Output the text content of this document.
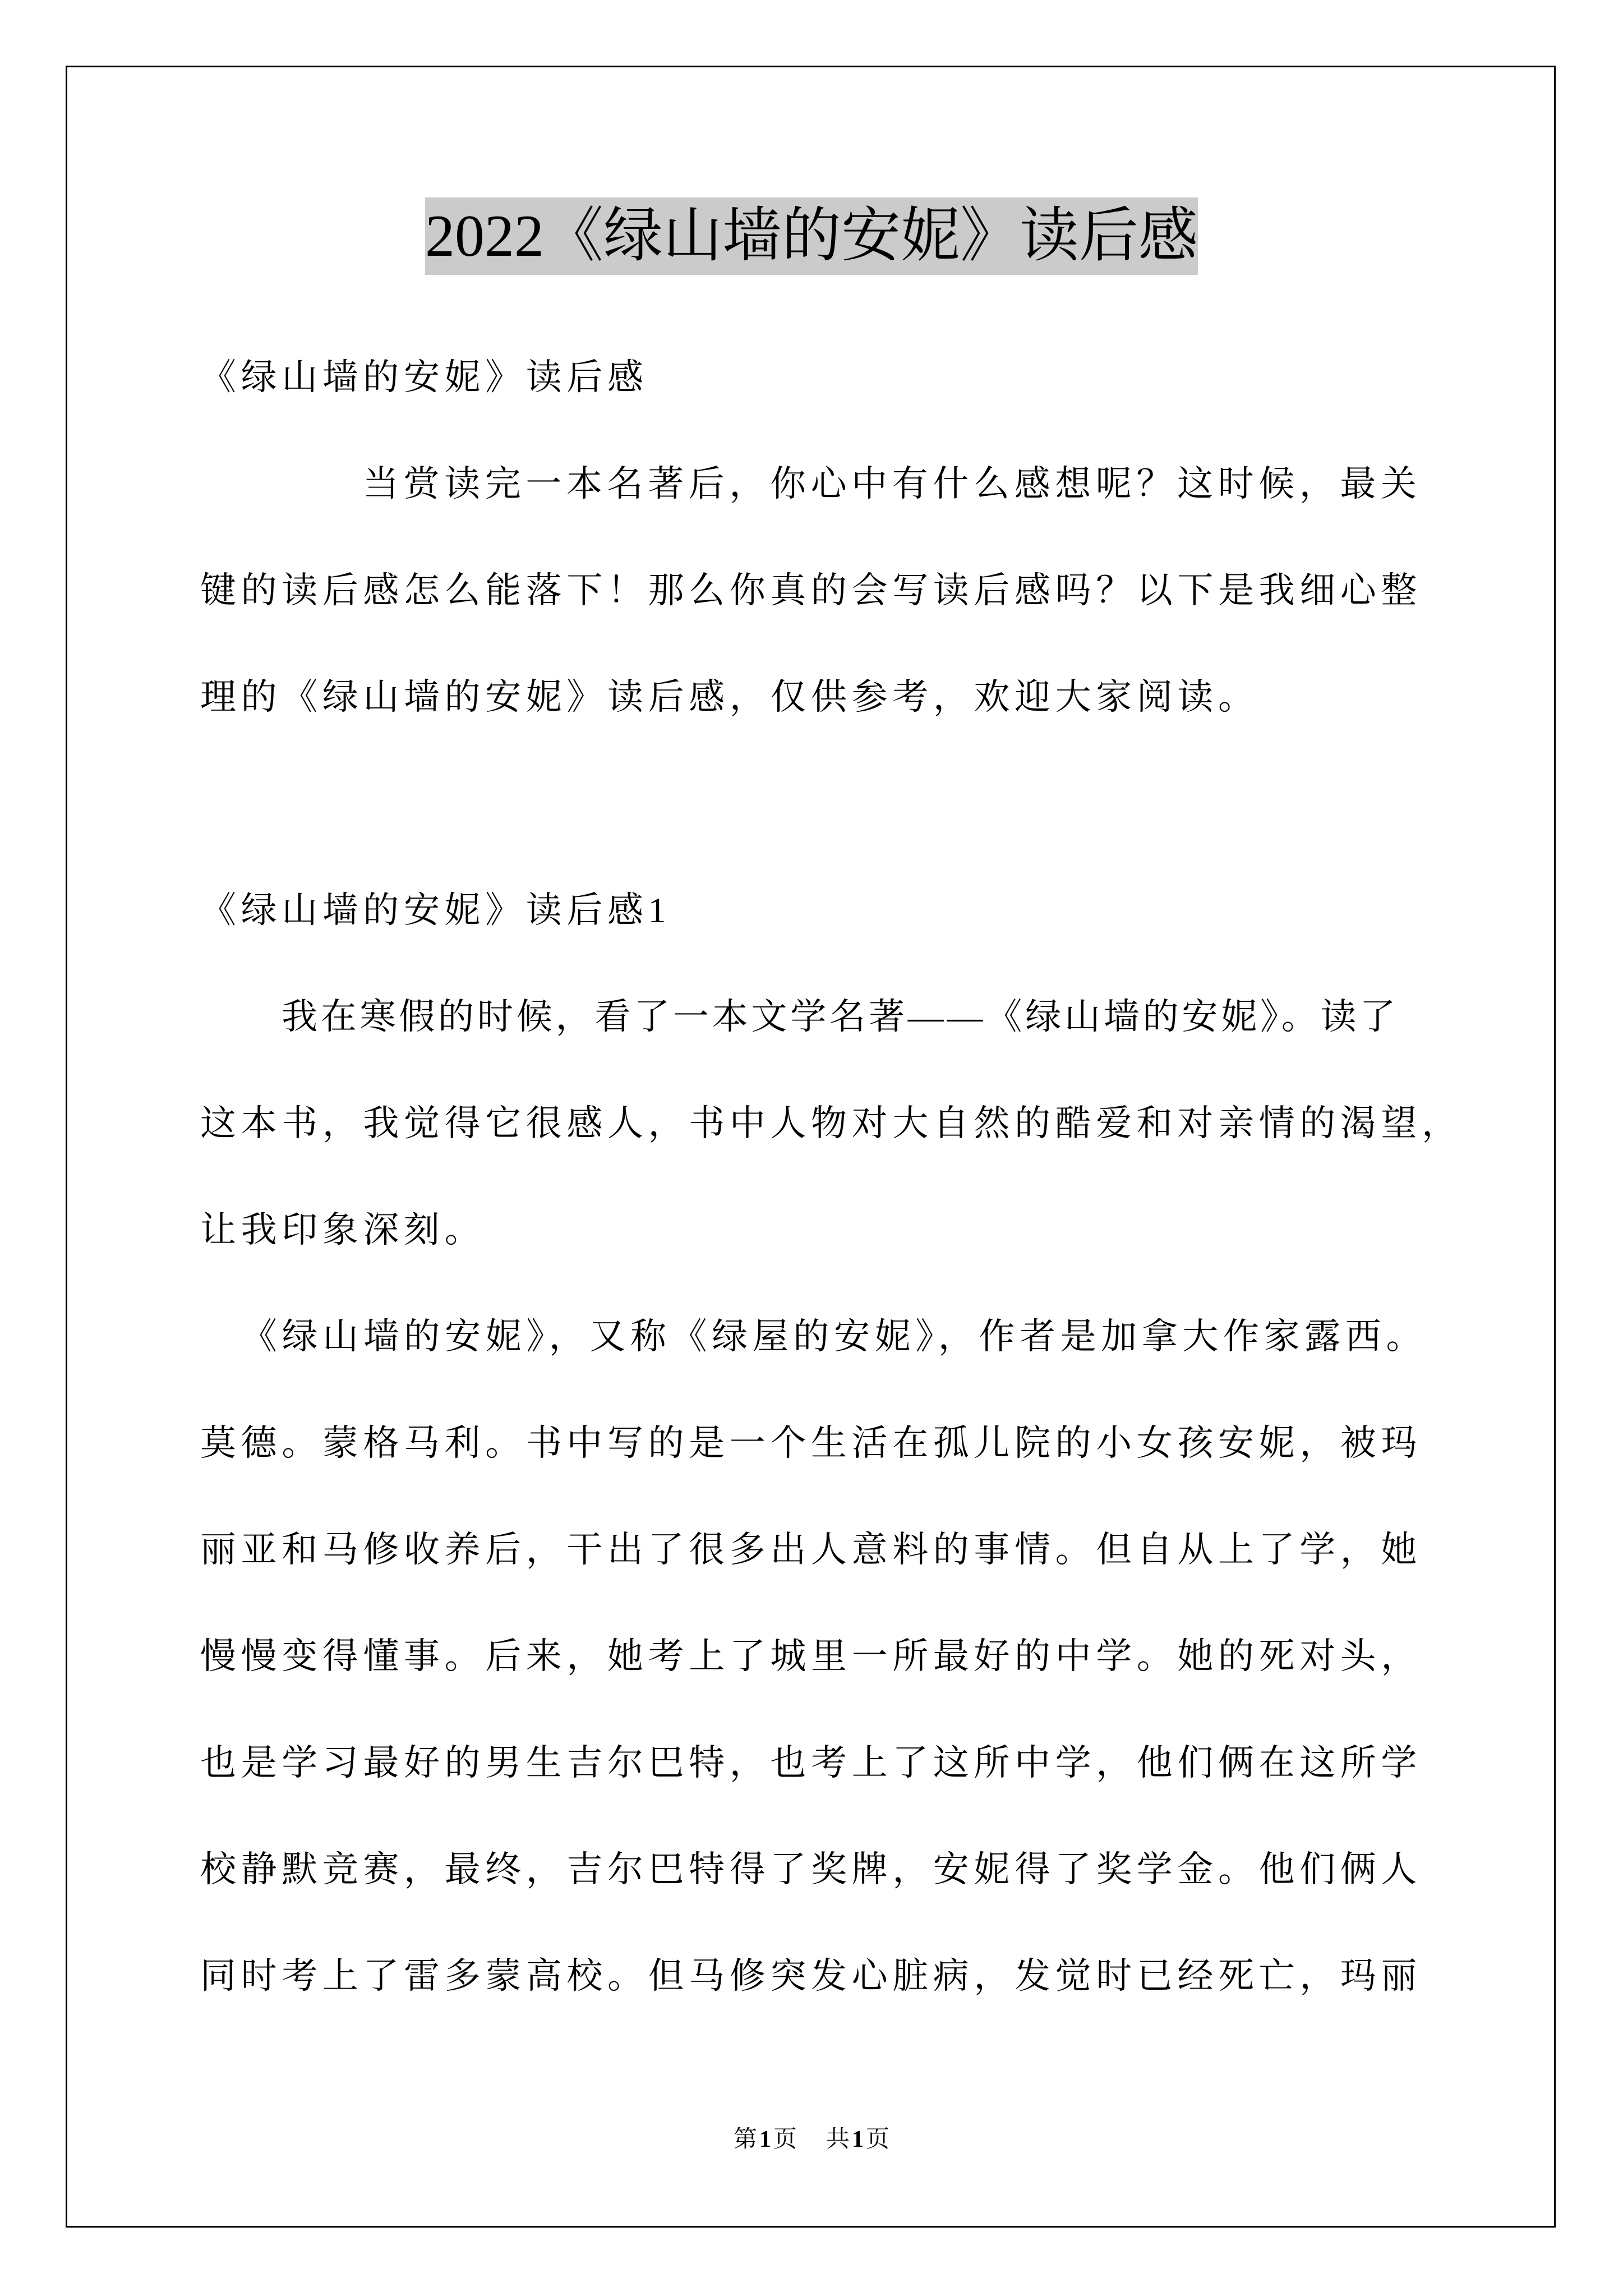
2022《绿山墙的安妮》读后感
《绿山墙的安妮》读后感
当赏读完一本名著后，你心中有什么感想呢？这时候，最关
键的读后感怎么能落下！那么你真的会写读后感吗？以下是我细心整
理的《绿山墙的安妮》读后感，仅供参考，欢迎大家阅读。
《绿山墙的安妮》读后感1
我在寒假的时候，看了一本文学名著——《绿山墙的安妮》。读了
这本书，我觉得它很感人，书中人物对大自然的酷爱和对亲情的渴望，
让我印象深刻。
《绿山墙的安妮》，又称《绿屋的安妮》，作者是加拿大作家露西。
莫德。蒙格马利。书中写的是一个生活在孤儿院的小女孩安妮，被玛
丽亚和马修收养后，干出了很多出人意料的事情。但自从上了学，她
慢慢变得懂事。后来，她考上了城里一所最好的中学。她的死对头，
也是学习最好的男生吉尔巴特，也考上了这所中学，他们俩在这所学
校静默竞赛，最终，吉尔巴特得了奖牌，安妮得了奖学金。他们俩人
同时考上了雷多蒙高校。但马修突发心脏病，发觉时已经死亡，玛丽
第1页 共1页
